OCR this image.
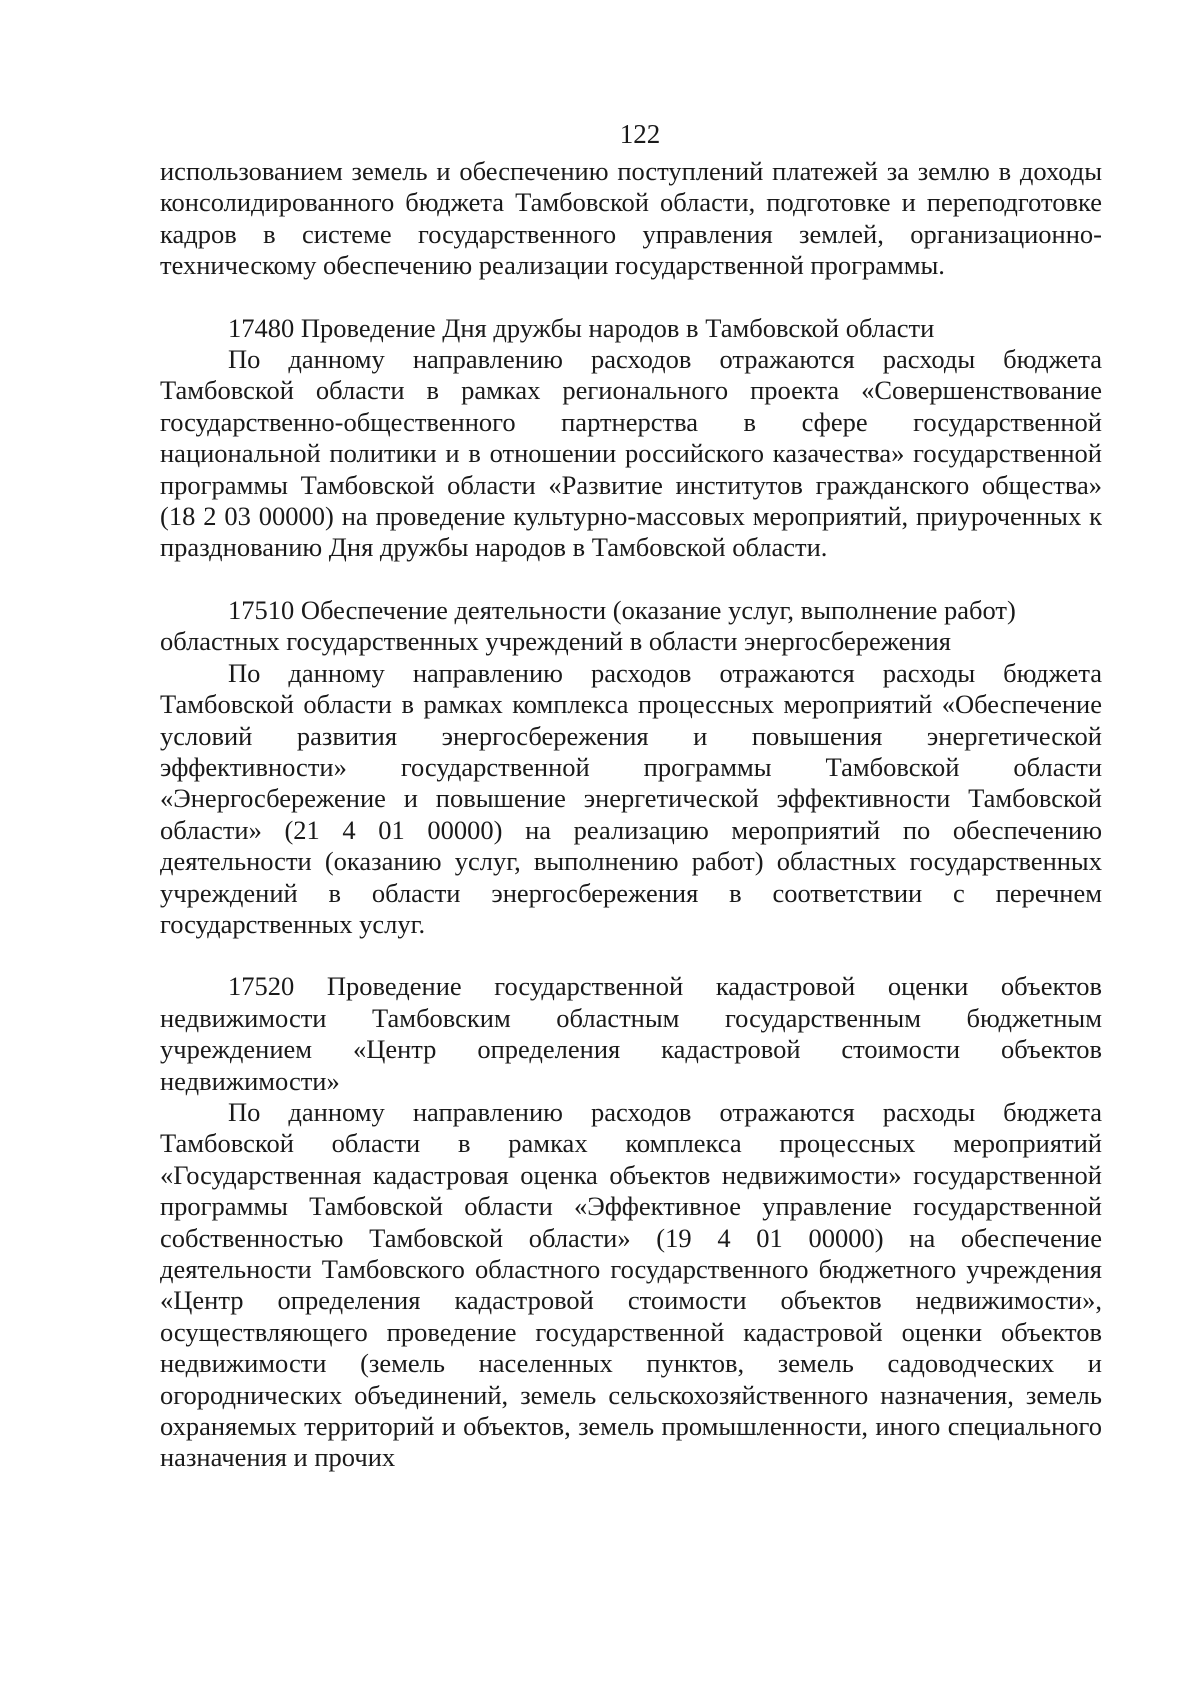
122

использованием земель и обеспечению поступлений платежей за землю в доходы консолидированного бюджета Тамбовской области, подготовке и переподготовке кадров в системе государственного управления землей, организационно-техническому обеспечению реализации государственной программы.

17480 Проведение Дня дружбы народов в Тамбовской области

По данному направлению расходов отражаются расходы бюджета Тамбовской области в рамках регионального проекта «Совершенствование государственно-общественного партнерства в сфере государственной национальной политики и в отношении российского казачества» государственной программы Тамбовской области «Развитие институтов гражданского общества» (18 2 03 00000) на проведение культурно-массовых мероприятий, приуроченных к празднованию Дня дружбы народов в Тамбовской области.

17510 Обеспечение деятельности (оказание услуг, выполнение работ) областных государственных учреждений в области энергосбережения

По данному направлению расходов отражаются расходы бюджета Тамбовской области в рамках комплекса процессных мероприятий «Обеспечение условий развития энергосбережения и повышения энергетической эффективности» государственной программы Тамбовской области «Энергосбережение и повышение энергетической эффективности Тамбовской области» (21 4 01 00000) на реализацию мероприятий по обеспечению деятельности (оказанию услуг, выполнению работ) областных государственных учреждений в области энергосбережения в соответствии с перечнем государственных услуг.

17520 Проведение государственной кадастровой оценки объектов недвижимости Тамбовским областным государственным бюджетным учреждением «Центр определения кадастровой стоимости объектов недвижимости»

По данному направлению расходов отражаются расходы бюджета Тамбовской области в рамках комплекса процессных мероприятий «Государственная кадастровая оценка объектов недвижимости» государственной программы Тамбовской области «Эффективное управление государственной собственностью Тамбовской области» (19 4 01 00000) на обеспечение деятельности Тамбовского областного государственного бюджетного учреждения «Центр определения кадастровой стоимости объектов недвижимости», осуществляющего проведение государственной кадастровой оценки объектов недвижимости (земель населенных пунктов, земель садоводческих и огороднических объединений, земель сельскохозяйственного назначения, земель охраняемых территорий и объектов, земель промышленности, иного специального назначения и прочих
